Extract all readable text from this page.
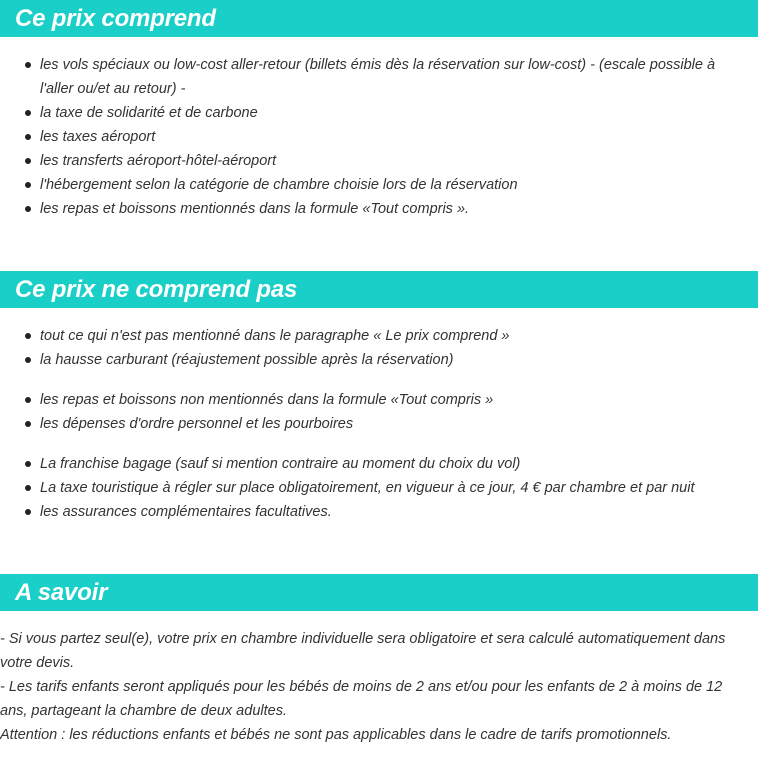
Ce prix comprend
les vols spéciaux ou low-cost aller-retour (billets émis dès la réservation sur low-cost) - (escale possible à l'aller ou/et au retour) -
la taxe de solidarité et de carbone
les taxes aéroport
les transferts aéroport-hôtel-aéroport
l'hébergement selon la catégorie de chambre choisie lors de la réservation
les repas et boissons mentionnés dans la formule «Tout compris ».
Ce prix ne comprend pas
tout ce qui n'est pas mentionné dans le paragraphe « Le prix comprend »
la hausse carburant (réajustement possible après la réservation)
les repas et boissons non mentionnés dans la formule «Tout compris »
les dépenses d'ordre personnel et les pourboires
La franchise bagage (sauf si mention contraire au moment du choix du vol)
La taxe touristique à régler sur place obligatoirement, en vigueur à ce jour, 4 € par chambre et par nuit
les assurances complémentaires facultatives.
A savoir

- Si vous partez seul(e), votre prix en chambre individuelle sera obligatoire et sera calculé automatiquement dans votre devis.

- Les tarifs enfants seront appliqués pour les bébés de moins de 2 ans et/ou pour les enfants de 2 à moins de 12 ans, partageant la chambre de deux adultes.

Attention : les réductions enfants et bébés ne sont pas applicables dans le cadre de tarifs promotionnels.
